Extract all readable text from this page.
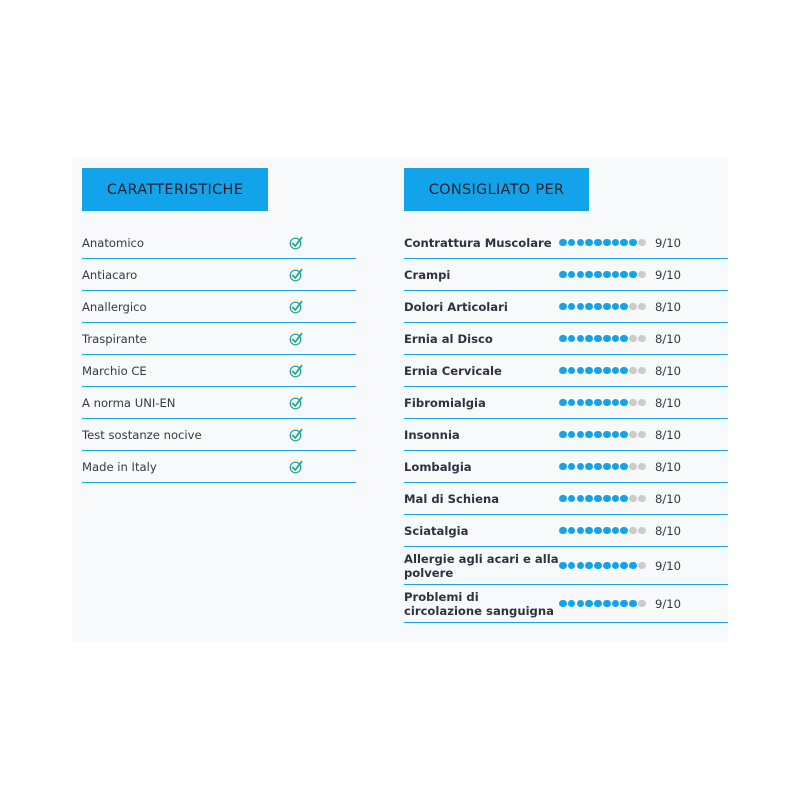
CARATTERISTICHE
Anatomico
Antiacaro
Anallergico
Traspirante
Marchio CE
A norma UNI-EN
Test sostanze nocive
Made in Italy
CONSIGLIATO PER
Contrattura Muscolare	9/10
Crampi	9/10
Dolori Articolari	8/10
Ernia al Disco	8/10
Ernia Cervicale	8/10
Fibromialgia	8/10
Insonnia	8/10
Lombalgia	8/10
Mal di Schiena	8/10
Sciatalgia	8/10
Allergie agli acari e alla polvere	9/10
Problemi di circolazione sanguigna	9/10
